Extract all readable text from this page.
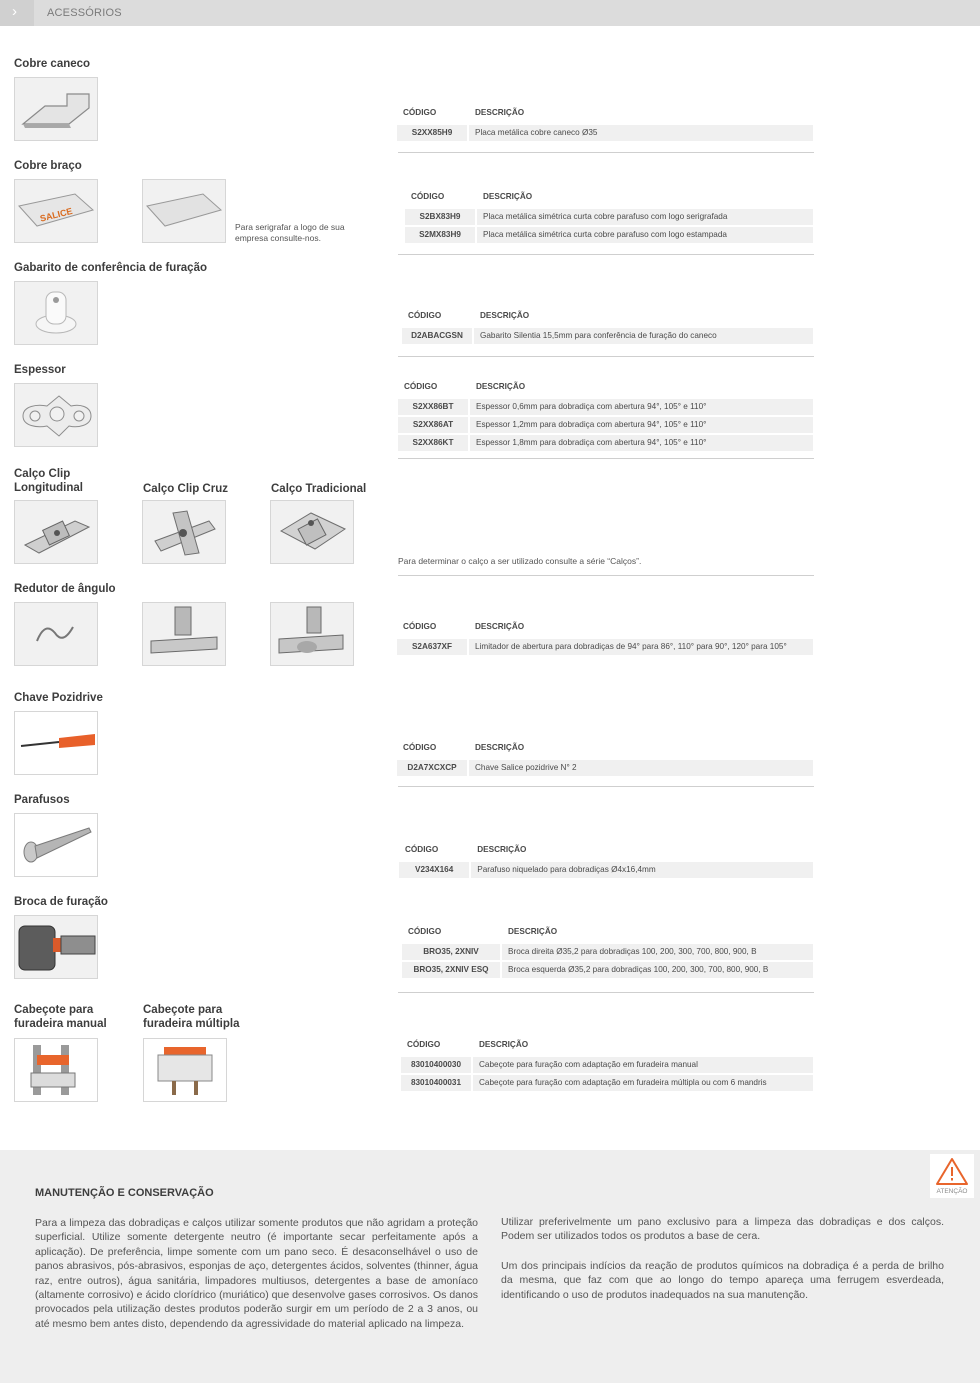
›	ACESSÓRIOS
Cobre caneco
CÓDIGO	DESCRIÇÃO
S2XX85H9	Placa metálica cobre caneco Ø35
Cobre braço
SALICE
Para serigrafar a logo de sua empresa consulte-nos.
CÓDIGO	DESCRIÇÃO
S2BX83H9	Placa metálica simétrica curta cobre parafuso com logo serigrafada
S2MX83H9	Placa metálica simétrica curta cobre parafuso com logo estampada
Gabarito de conferência de furação
CÓDIGO	DESCRIÇÃO
D2ABACGSN	Gabarito Silentia 15,5mm para conferência de furação do caneco
Espessor
CÓDIGO	DESCRIÇÃO
S2XX86BT	Espessor 0,6mm para dobradiça com abertura 94°, 105° e 110°
S2XX86AT	Espessor 1,2mm para dobradiça com abertura 94°, 105° e 110°
S2XX86KT	Espessor 1,8mm para dobradiça com abertura 94°, 105° e 110°
Calço Clip Longitudinal	Calço Clip Cruz	Calço Tradicional
Para determinar o calço a ser utilizado consulte a série “Calços”.
Redutor de ângulo
CÓDIGO	DESCRIÇÃO
S2A637XF	Limitador de abertura para dobradiças de 94° para 86°, 110° para 90°, 120° para 105°
Chave Pozidrive
CÓDIGO	DESCRIÇÃO
D2A7XCXCP	Chave Salice pozidrive N° 2
Parafusos
CÓDIGO	DESCRIÇÃO
V234X164	Parafuso niquelado para dobradiças Ø4x16,4mm
Broca de furação
CÓDIGO	DESCRIÇÃO
BRO35, 2XNIV	Broca direita Ø35,2 para dobradiças 100, 200, 300, 700, 800, 900, B
BRO35, 2XNIV ESQ	Broca esquerda Ø35,2 para dobradiças 100, 200, 300, 700, 800, 900, B
Cabeçote para furadeira manual
Cabeçote para furadeira múltipla
CÓDIGO	DESCRIÇÃO
83010400030	Cabeçote para furação com adaptação em furadeira manual
83010400031	Cabeçote para furação com adaptação em furadeira múltipla ou com 6 mandris
ATENÇÃO
MANUTENÇÃO E CONSERVAÇÃO
Para a limpeza das dobradiças e calços utilizar somente produtos que não agridam a proteção superficial. Utilize somente detergente neutro (é importante secar perfeitamente após a aplicação). De preferência, limpe somente com um pano seco. É desaconselhável o uso de panos abrasivos, pós-abrasivos, esponjas de aço, detergentes ácidos, solventes (thinner, água raz, entre outros), água sanitária, limpadores multiusos, detergentes a base de amoníaco (altamente corrosivo) e ácido clorídrico (muriático) que desenvolve gases corrosivos. Os danos provocados pela utilização destes produtos poderão surgir em um período de 2 a 3 anos, ou até mesmo bem antes disto, dependendo da agressividade do material aplicado na limpeza.
Utilizar preferivelmente um pano exclusivo para a limpeza das dobradiças e dos calços. Podem ser utilizados todos os produtos a base de cera.
Um dos principais indícios da reação de produtos químicos na dobradiça é a perda de brilho da mesma, que faz com que ao longo do tempo apareça uma ferrugem esverdeada, identificando o uso de produtos inadequados na sua manutenção.
